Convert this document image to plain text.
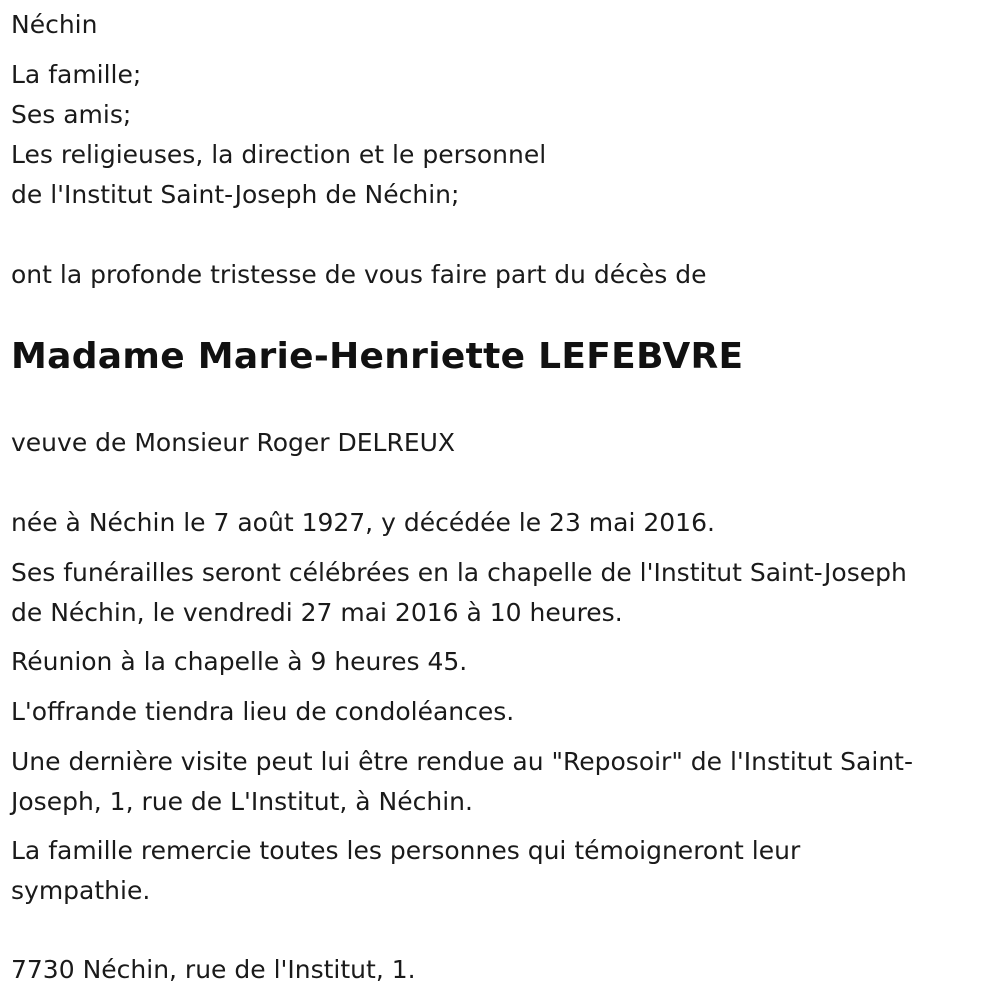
Néchin
La famille;
Ses amis;
Les religieuses, la direction et le personnel
de l'Institut Saint-Joseph de Néchin;
ont la profonde tristesse de vous faire part du décès de
Madame Marie-Henriette LEFEBVRE
veuve de Monsieur Roger DELREUX
née à Néchin le 7 août 1927, y décédée le 23 mai 2016.
Ses funérailles seront célébrées en la chapelle de l'Institut Saint-Joseph
de Néchin, le vendredi 27 mai 2016 à 10 heures.
Réunion à la chapelle à 9 heures 45.
L'offrande tiendra lieu de condoléances.
Une dernière visite peut lui être rendue au "Reposoir" de l'Institut Saint-
Joseph, 1, rue de L'Institut, à Néchin.
La famille remercie toutes les personnes qui témoigneront leur
sympathie.
7730 Néchin, rue de l'Institut, 1.
